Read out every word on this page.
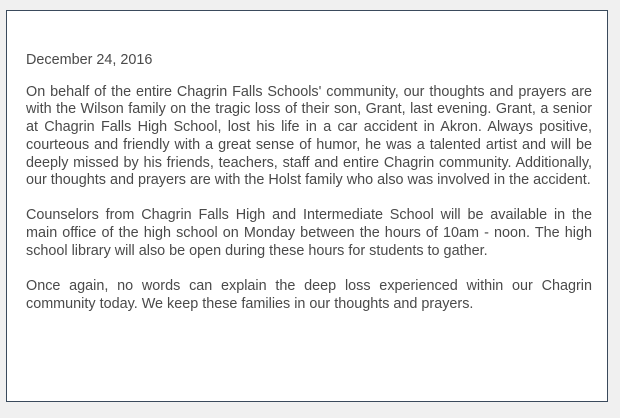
December 24, 2016

On behalf of the entire Chagrin Falls Schools' community, our thoughts and prayers are with the Wilson family on the tragic loss of their son, Grant, last evening. Grant, a senior at Chagrin Falls High School, lost his life in a car accident in Akron. Always positive, courteous and friendly with a great sense of humor, he was a talented artist and will be deeply missed by his friends, teachers, staff and entire Chagrin community. Additionally, our thoughts and prayers are with the Holst family who also was involved in the accident.

Counselors from Chagrin Falls High and Intermediate School will be available in the main office of the high school on Monday between the hours of 10am - noon. The high school library will also be open during these hours for students to gather.

Once again, no words can explain the deep loss experienced within our Chagrin community today. We keep these families in our thoughts and prayers.
